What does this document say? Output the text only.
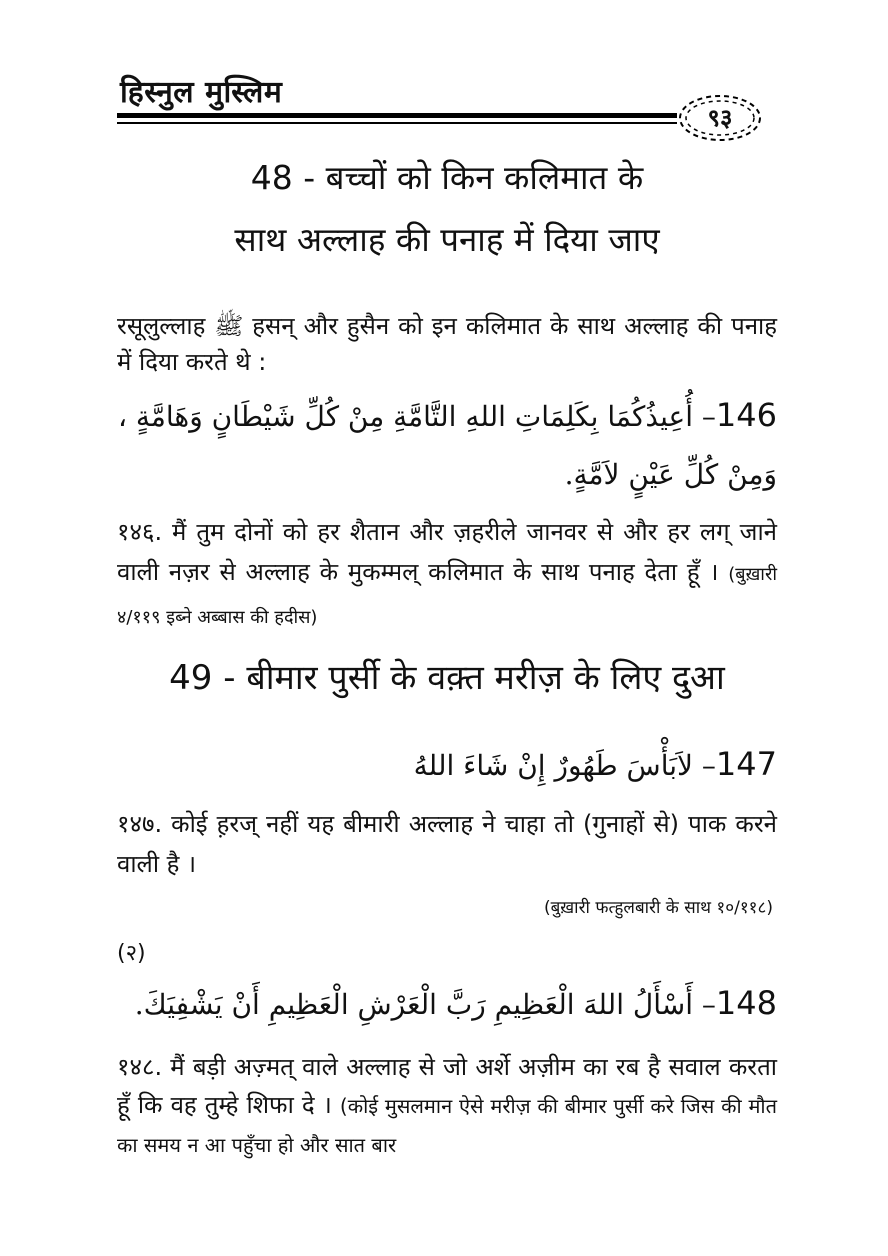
हिस्नुल मुस्लिम
९३
48 - बच्चों को किन कलिमात के
साथ अल्लाह की पनाह में दिया जाए
रसूलुल्लाह ﷺ हसन् और हुसैन को इन कलिमात के साथ अल्लाह की पनाह में दिया करते थे :
146– أُعِيذُكُمَا بِكَلِمَاتِ اللهِ التَّامَّةِ مِنْ كُلِّ شَيْطَانٍ وَهَامَّةٍ ، وَمِنْ كُلِّ عَيْنٍ لاَمَّةٍ.
१४६. मैं तुम दोनों को हर शैतान और ज़हरीले जानवर से और हर लग् जाने वाली नज़र से अल्लाह के मुकम्मल् कलिमात के साथ पनाह देता हूँ । (बुख़ारी ४/११९ इब्ने अब्बास की हदीस)
49 - बीमार पुर्सी के वक़्त मरीज़ के लिए दुआ
147– لاَبَأْسَ طَهُورٌ إِنْ شَاءَ اللهُ
१४७. कोई ह़रज् नहीं यह बीमारी अल्लाह ने चाहा तो (गुनाहों से) पाक करने वाली है ।
(बुख़ारी फत्हुलबारी के साथ १०/११८)
(२)
148– أَسْأَلُ اللهَ الْعَظِيمِ رَبَّ الْعَرْشِ الْعَظِيمِ أَنْ يَشْفِيَكَ.
१४८. मैं बड़ी अज़्मत् वाले अल्लाह से जो अर्शे अज़ीम का रब है सवाल करता हूँ कि वह तुम्हे शिफा दे । (कोई मुसलमान ऐसे मरीज़ की बीमार पुर्सी करे जिस की मौत का समय न आ पहुँचा हो और सात बार
